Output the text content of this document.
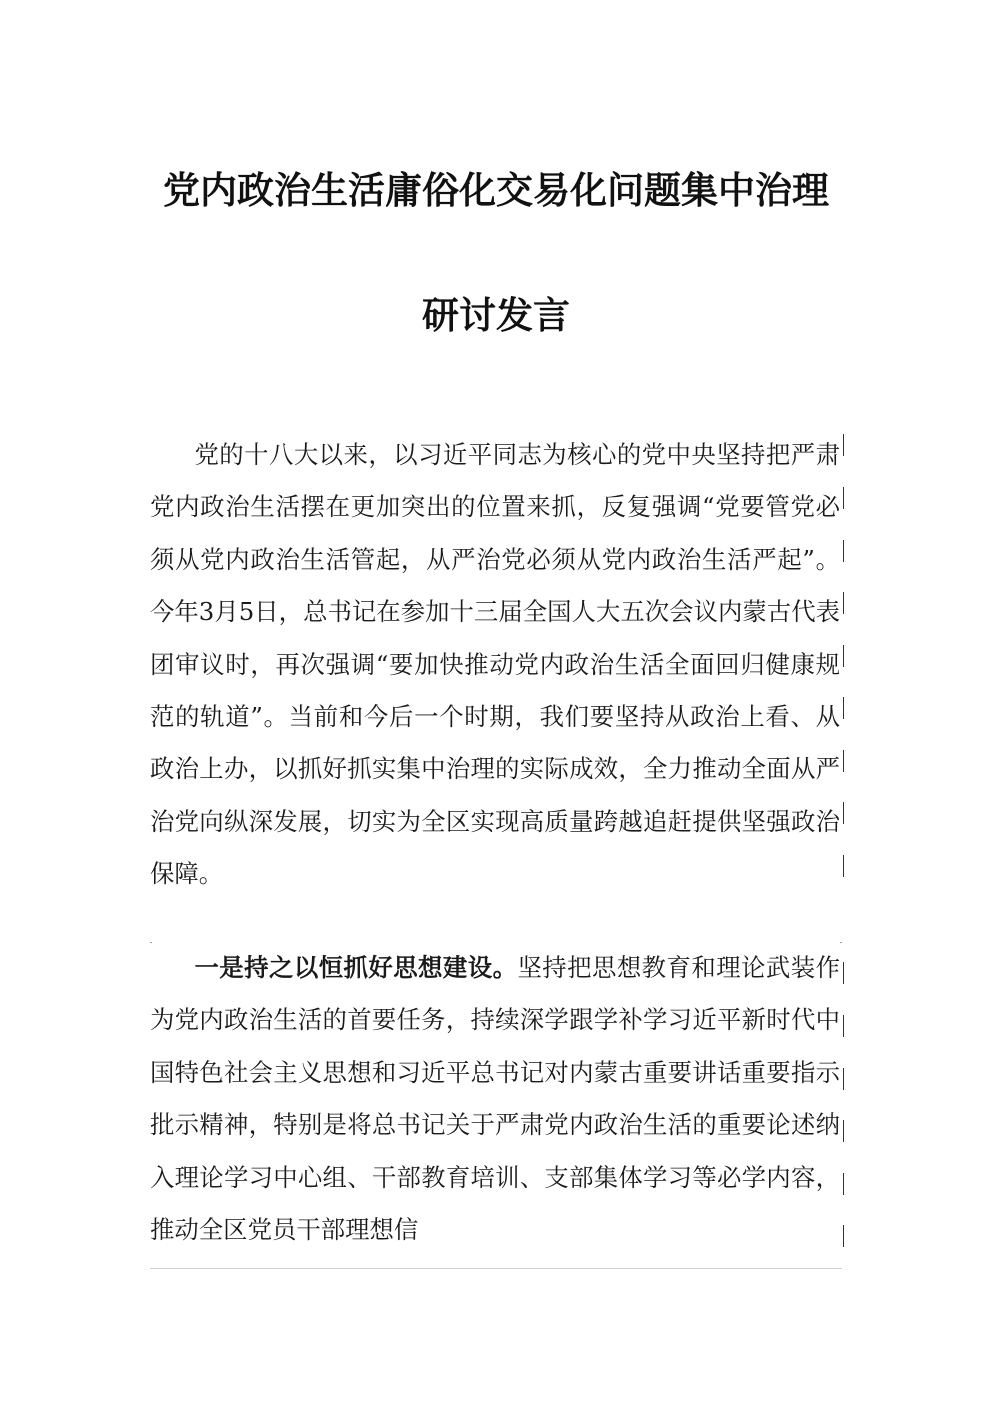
党内政治生活庸俗化交易化问题集中治理
研讨发言
党的十八大以来，以习近平同志为核心的党中央坚持把严肃党内政治生活摆在更加突出的位置来抓，反复强调“党要管党必须从党内政治生活管起，从严治党必须从党内政治生活严起”。今年3月5日，总书记在参加十三届全国人大五次会议内蒙古代表团审议时，再次强调“要加快推动党内政治生活全面回归健康规范的轨道”。当前和今后一个时期，我们要坚持从政治上看、从政治上办，以抓好抓实集中治理的实际成效，全力推动全面从严治党向纵深发展，切实为全区实现高质量跨越追赶提供坚强政治保障。
一是持之以恒抓好思想建设。坚持把思想教育和理论武装作为党内政治生活的首要任务，持续深学跟学补学习近平新时代中国特色社会主义思想和习近平总书记对内蒙古重要讲话重要指示批示精神，特别是将总书记关于严肃党内政治生活的重要论述纳入理论学习中心组、干部教育培训、支部集体学习等必学内容，推动全区党员干部理想信
